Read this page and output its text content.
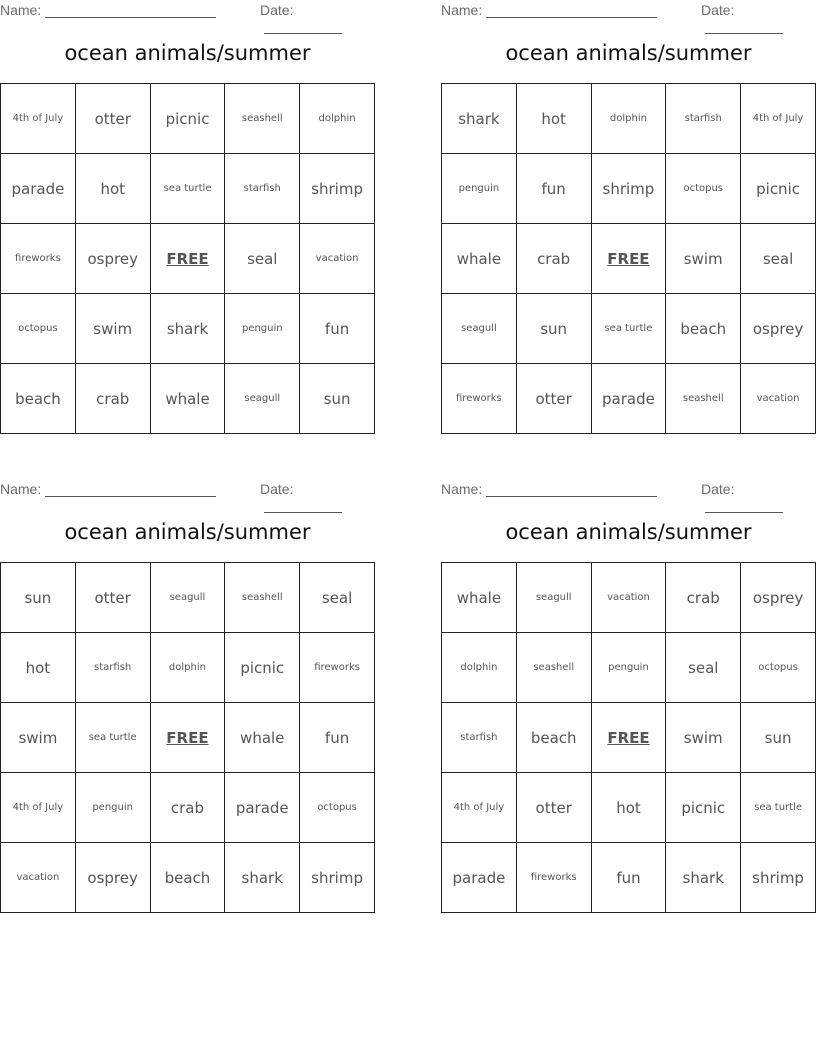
Name:	Date:
ocean animals/summer
4th of July	otter	picnic	seashell	dolphin
parade	hot	sea turtle	starfish	shrimp
fireworks	osprey	FREE	seal	vacation
octopus	swim	shark	penguin	fun
beach	crab	whale	seagull	sun
Name:	Date:
ocean animals/summer
shark	hot	dolphin	starfish	4th of July
penguin	fun	shrimp	octopus	picnic
whale	crab	FREE	swim	seal
seagull	sun	sea turtle	beach	osprey
fireworks	otter	parade	seashell	vacation
Name:	Date:
ocean animals/summer
sun	otter	seagull	seashell	seal
hot	starfish	dolphin	picnic	fireworks
swim	sea turtle	FREE	whale	fun
4th of July	penguin	crab	parade	octopus
vacation	osprey	beach	shark	shrimp
Name:	Date:
ocean animals/summer
whale	seagull	vacation	crab	osprey
dolphin	seashell	penguin	seal	octopus
starfish	beach	FREE	swim	sun
4th of July	otter	hot	picnic	sea turtle
parade	fireworks	fun	shark	shrimp
